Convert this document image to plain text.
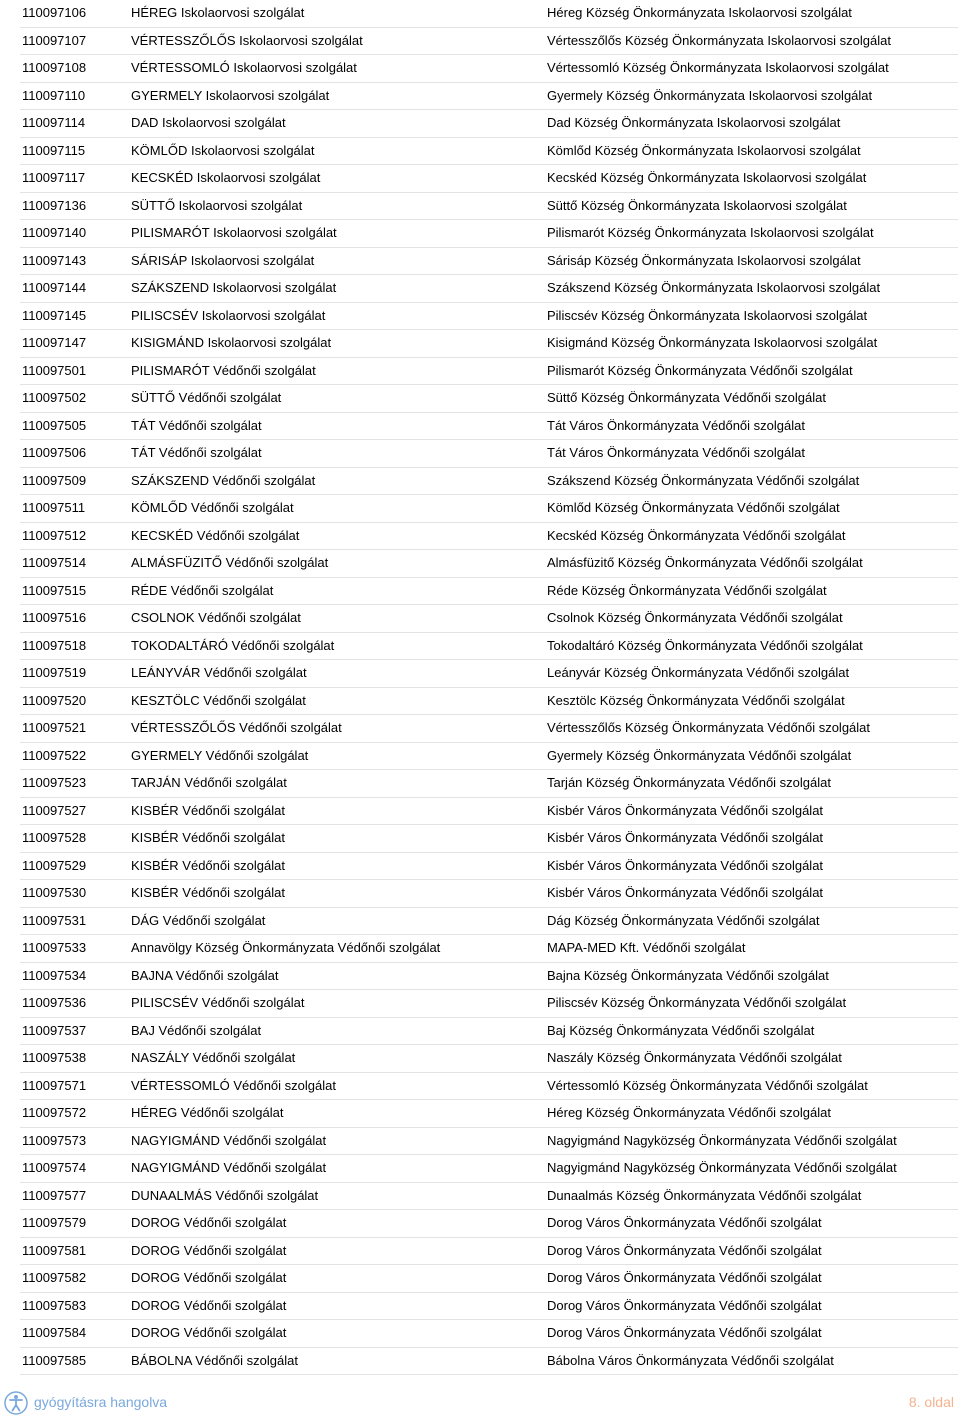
110097106	HÉREG Iskolaorvosi szolgálat	Héreg Község Önkormányzata Iskolaorvosi szolgálat
110097107	VÉRTESSZŐLŐS Iskolaorvosi szolgálat	Vértesszőlős Község Önkormányzata Iskolaorvosi szolgálat
110097108	VÉRTESSOMLÓ Iskolaorvosi szolgálat	Vértessomló Község Önkormányzata Iskolaorvosi szolgálat
110097110	GYERMELY Iskolaorvosi szolgálat	Gyermely Község Önkormányzata Iskolaorvosi szolgálat
110097114	DAD Iskolaorvosi szolgálat	Dad Község Önkormányzata Iskolaorvosi szolgálat
110097115	KÖMLŐD Iskolaorvosi szolgálat	Kömlőd Község Önkormányzata Iskolaorvosi szolgálat
110097117	KECSKÉD Iskolaorvosi szolgálat	Kecskéd Község Önkormányzata Iskolaorvosi szolgálat
110097136	SÜTTŐ Iskolaorvosi szolgálat	Süttő Község Önkormányzata Iskolaorvosi szolgálat
110097140	PILISMARÓT Iskolaorvosi szolgálat	Pilismarót Község Önkormányzata Iskolaorvosi szolgálat
110097143	SÁRISÁP Iskolaorvosi szolgálat	Sárisáp Község Önkormányzata Iskolaorvosi szolgálat
110097144	SZÁKSZEND Iskolaorvosi szolgálat	Szákszend Község Önkormányzata Iskolaorvosi szolgálat
110097145	PILISCSÉV Iskolaorvosi szolgálat	Piliscsév Község Önkormányzata Iskolaorvosi szolgálat
110097147	KISIGMÁND Iskolaorvosi szolgálat	Kisigmánd Község Önkormányzata Iskolaorvosi szolgálat
110097501	PILISMARÓT Védőnői szolgálat	Pilismarót Község Önkormányzata Védőnői szolgálat
110097502	SÜTTŐ Védőnői szolgálat	Süttő Község Önkormányzata Védőnői szolgálat
110097505	TÁT Védőnői szolgálat	Tát Város Önkormányzata Védőnői szolgálat
110097506	TÁT Védőnői szolgálat	Tát Város Önkormányzata Védőnői szolgálat
110097509	SZÁKSZEND Védőnői szolgálat	Szákszend Község Önkormányzata Védőnői szolgálat
110097511	KÖMLŐD Védőnői szolgálat	Kömlőd Község Önkormányzata Védőnői szolgálat
110097512	KECSKÉD Védőnői szolgálat	Kecskéd Község Önkormányzata Védőnői szolgálat
110097514	ALMÁSFÜZITŐ Védőnői szolgálat	Almásfüzitő Község Önkormányzata Védőnői szolgálat
110097515	RÉDE Védőnői szolgálat	Réde Község Önkormányzata Védőnői szolgálat
110097516	CSOLNOK Védőnői szolgálat	Csolnok Község Önkormányzata Védőnői szolgálat
110097518	TOKODALTÁRÓ Védőnői szolgálat	Tokodaltáró Község Önkormányzata Védőnői szolgálat
110097519	LEÁNYVÁR Védőnői szolgálat	Leányvár Község Önkormányzata Védőnői szolgálat
110097520	KESZTÖLC Védőnői szolgálat	Kesztölc Község Önkormányzata Védőnői szolgálat
110097521	VÉRTESSZŐLŐS Védőnői szolgálat	Vértesszőlős Község Önkormányzata Védőnői szolgálat
110097522	GYERMELY Védőnői szolgálat	Gyermely Község Önkormányzata Védőnői szolgálat
110097523	TARJÁN Védőnői szolgálat	Tarján Község Önkormányzata Védőnői szolgálat
110097527	KISBÉR Védőnői szolgálat	Kisbér Város Önkormányzata Védőnői szolgálat
110097528	KISBÉR Védőnői szolgálat	Kisbér Város Önkormányzata Védőnői szolgálat
110097529	KISBÉR Védőnői szolgálat	Kisbér Város Önkormányzata Védőnői szolgálat
110097530	KISBÉR Védőnői szolgálat	Kisbér Város Önkormányzata Védőnői szolgálat
110097531	DÁG Védőnői szolgálat	Dág Község Önkormányzata Védőnői szolgálat
110097533	Annavölgy Község Önkormányzata Védőnői szolgálat	MAPA-MED Kft. Védőnői szolgálat
110097534	BAJNA Védőnői szolgálat	Bajna Község Önkormányzata Védőnői szolgálat
110097536	PILISCSÉV Védőnői szolgálat	Piliscsév Község Önkormányzata Védőnői szolgálat
110097537	BAJ Védőnői szolgálat	Baj Község Önkormányzata Védőnői szolgálat
110097538	NASZÁLY Védőnői szolgálat	Naszály Község Önkormányzata Védőnői szolgálat
110097571	VÉRTESSOMLÓ Védőnői szolgálat	Vértessomló Község Önkormányzata Védőnői szolgálat
110097572	HÉREG Védőnői szolgálat	Héreg Község Önkormányzata Védőnői szolgálat
110097573	NAGYIGMÁND Védőnői szolgálat	Nagyigmánd Nagyközség Önkormányzata Védőnői szolgálat
110097574	NAGYIGMÁND Védőnői szolgálat	Nagyigmánd Nagyközség Önkormányzata Védőnői szolgálat
110097577	DUNAALMÁS Védőnői szolgálat	Dunaalmás Község Önkormányzata Védőnői szolgálat
110097579	DOROG Védőnői szolgálat	Dorog Város Önkormányzata Védőnői szolgálat
110097581	DOROG Védőnői szolgálat	Dorog Város Önkormányzata Védőnői szolgálat
110097582	DOROG Védőnői szolgálat	Dorog Város Önkormányzata Védőnői szolgálat
110097583	DOROG Védőnői szolgálat	Dorog Város Önkormányzata Védőnői szolgálat
110097584	DOROG Védőnői szolgálat	Dorog Város Önkormányzata Védőnői szolgálat
110097585	BÁBOLNA Védőnői szolgálat	Bábolna Város Önkormányzata Védőnői szolgálat
gyógyításra hangolva	8. oldal
